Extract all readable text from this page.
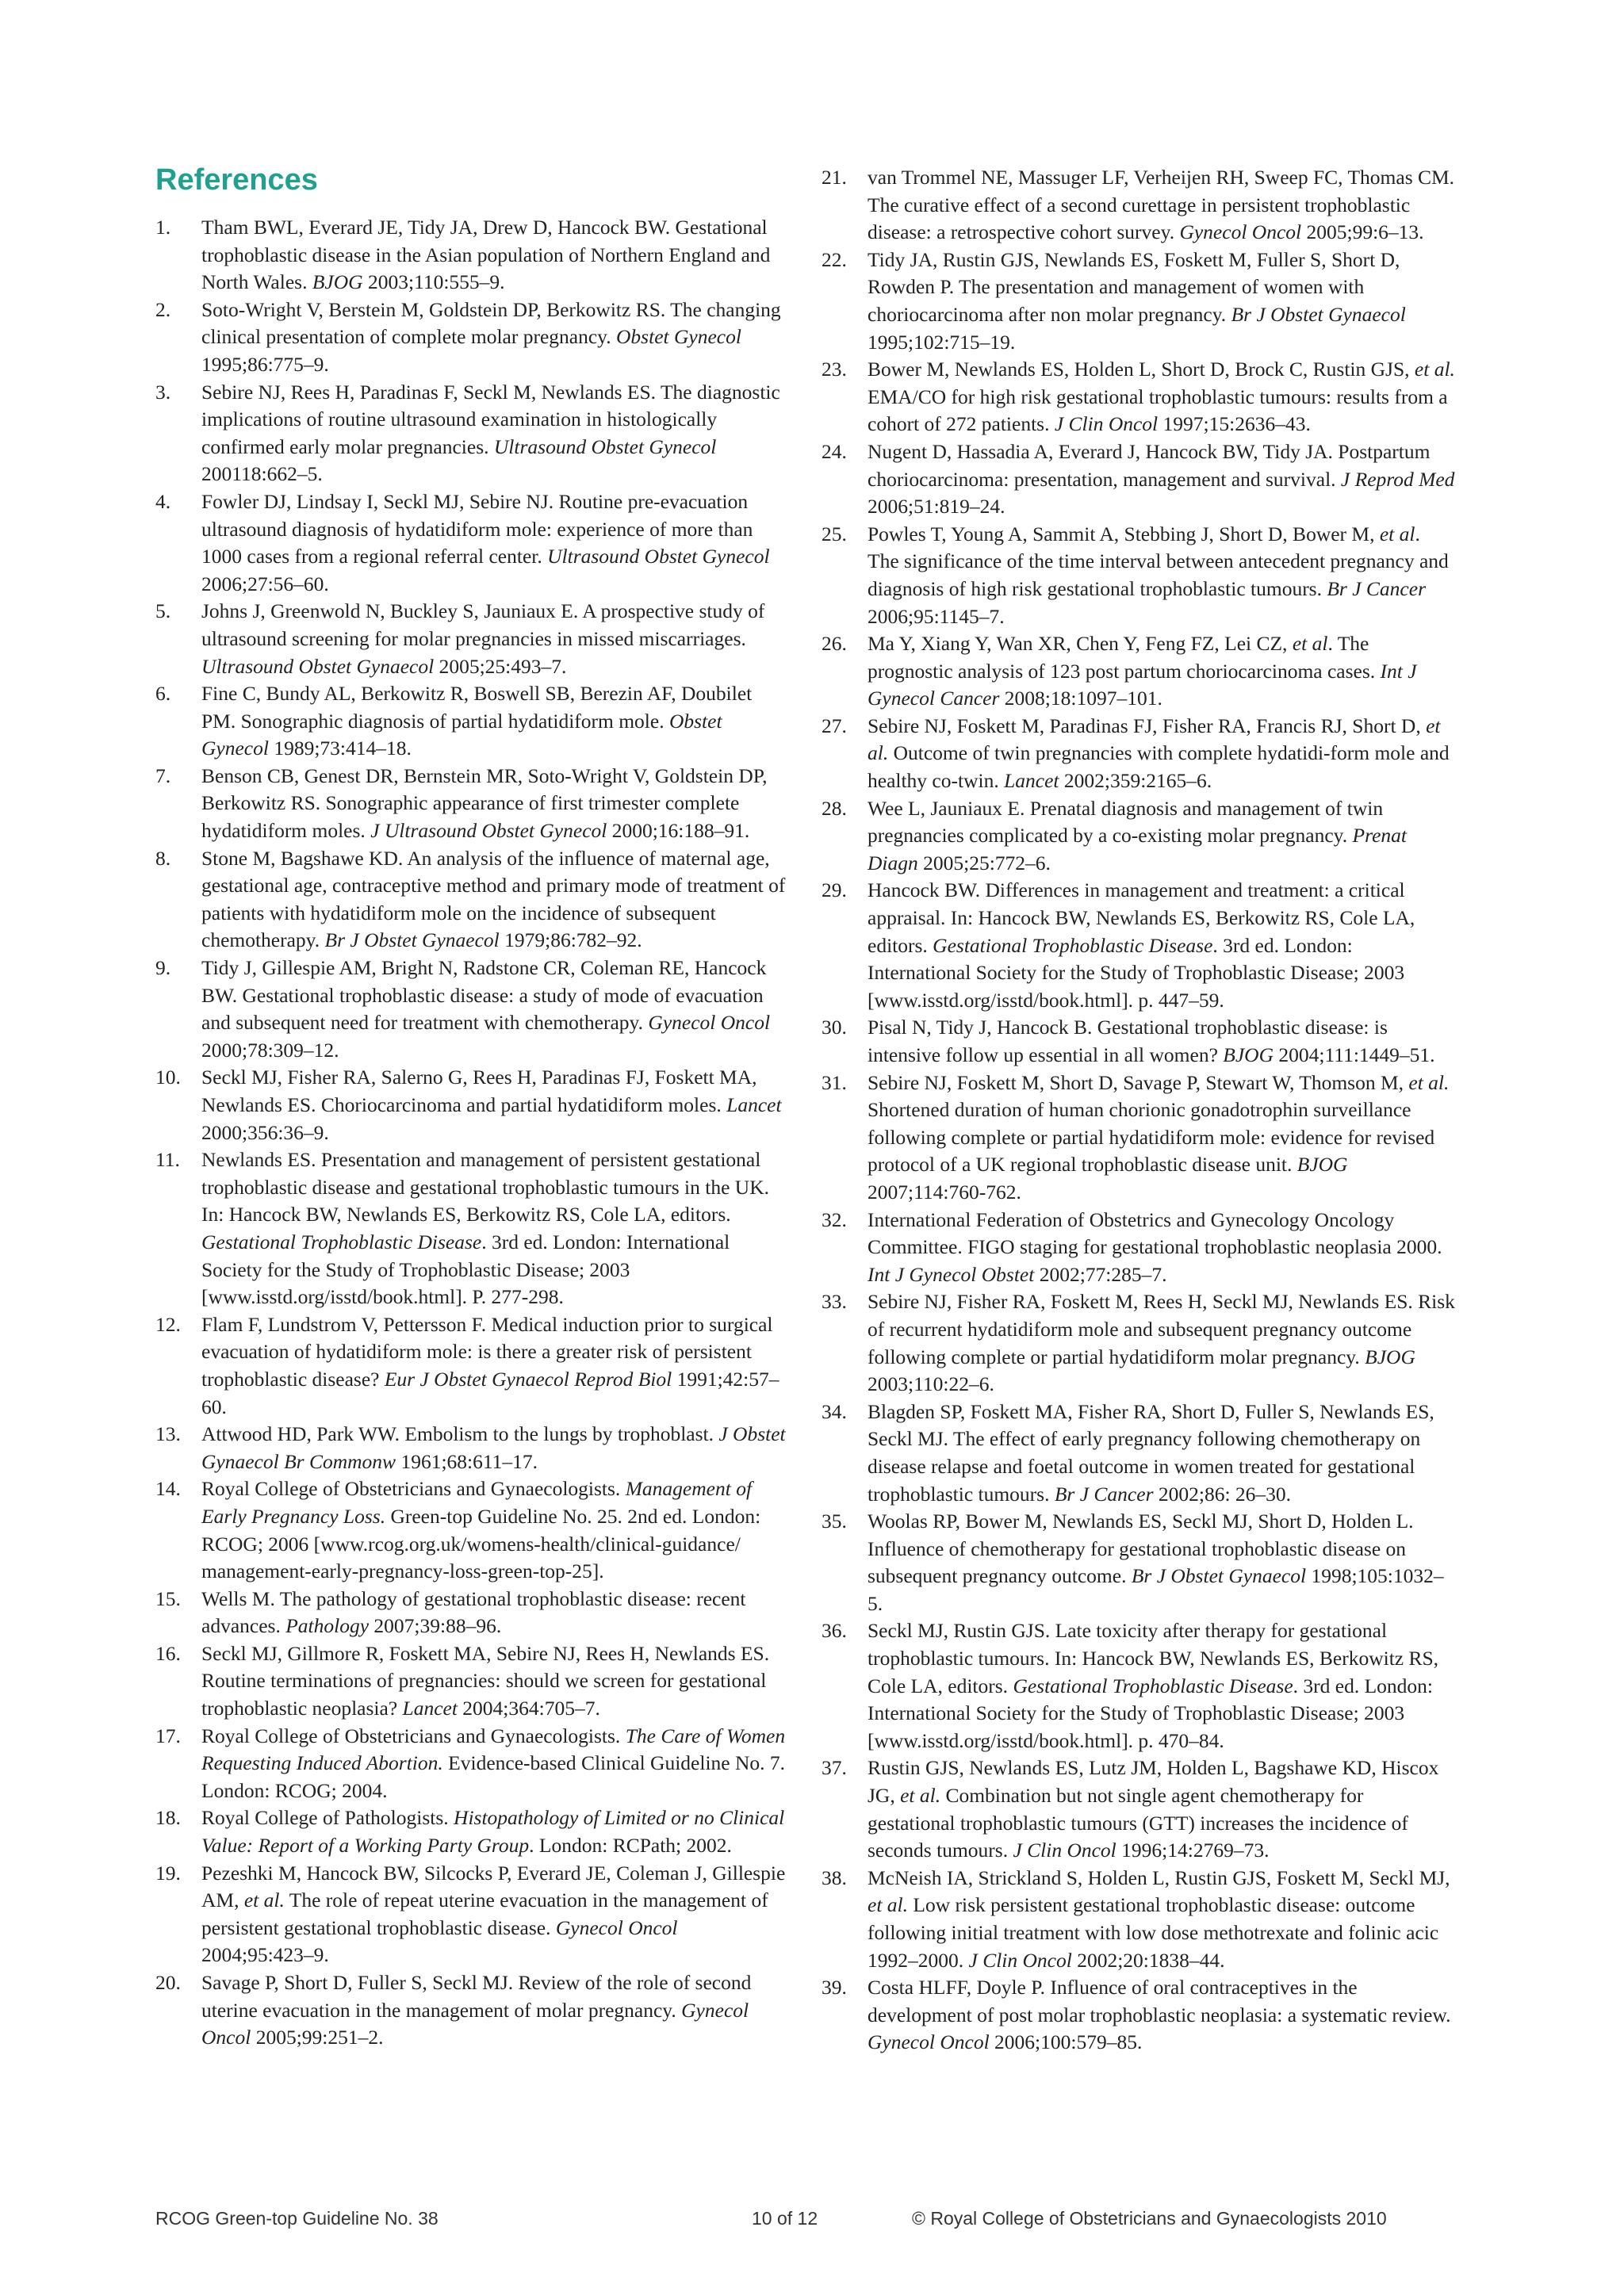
References
1. Tham BWL, Everard JE, Tidy JA, Drew D, Hancock BW. Gestational trophoblastic disease in the Asian population of Northern England and North Wales. BJOG 2003;110:555–9.
2. Soto-Wright V, Berstein M, Goldstein DP, Berkowitz RS. The changing clinical presentation of complete molar pregnancy. Obstet Gynecol 1995;86:775–9.
3. Sebire NJ, Rees H, Paradinas F, Seckl M, Newlands ES. The diagnostic implications of routine ultrasound examination in histologically confirmed early molar pregnancies. Ultrasound Obstet Gynecol 200118:662–5.
4. Fowler DJ, Lindsay I, Seckl MJ, Sebire NJ. Routine pre-evacuation ultrasound diagnosis of hydatidiform mole: experience of more than 1000 cases from a regional referral center. Ultrasound Obstet Gynecol 2006;27:56–60.
5. Johns J, Greenwold N, Buckley S, Jauniaux E. A prospective study of ultrasound screening for molar pregnancies in missed miscarriages. Ultrasound Obstet Gynaecol 2005;25:493–7.
6. Fine C, Bundy AL, Berkowitz R, Boswell SB, Berezin AF, Doubilet PM. Sonographic diagnosis of partial hydatidiform mole. Obstet Gynecol 1989;73:414–18.
7. Benson CB, Genest DR, Bernstein MR, Soto-Wright V, Goldstein DP, Berkowitz RS. Sonographic appearance of first trimester complete hydatidiform moles. J Ultrasound Obstet Gynecol 2000;16:188–91.
8. Stone M, Bagshawe KD. An analysis of the influence of maternal age, gestational age, contraceptive method and primary mode of treatment of patients with hydatidiform mole on the incidence of subsequent chemotherapy. Br J Obstet Gynaecol 1979;86:782–92.
9. Tidy J, Gillespie AM, Bright N, Radstone CR, Coleman RE, Hancock BW. Gestational trophoblastic disease: a study of mode of evacuation and subsequent need for treatment with chemotherapy. Gynecol Oncol 2000;78:309–12.
10. Seckl MJ, Fisher RA, Salerno G, Rees H, Paradinas FJ, Foskett MA, Newlands ES. Choriocarcinoma and partial hydatidiform moles. Lancet 2000;356:36–9.
11. Newlands ES. Presentation and management of persistent gestational trophoblastic disease and gestational trophoblastic tumours in the UK. In: Hancock BW, Newlands ES, Berkowitz RS, Cole LA, editors. Gestational Trophoblastic Disease. 3rd ed. London: International Society for the Study of Trophoblastic Disease; 2003 [www.isstd.org/isstd/book.html]. P. 277-298.
12. Flam F, Lundstrom V, Pettersson F. Medical induction prior to surgical evacuation of hydatidiform mole: is there a greater risk of persistent trophoblastic disease? Eur J Obstet Gynaecol Reprod Biol 1991;42:57–60.
13. Attwood HD, Park WW. Embolism to the lungs by trophoblast. J Obstet Gynaecol Br Commonw 1961;68:611–17.
14. Royal College of Obstetricians and Gynaecologists. Management of Early Pregnancy Loss. Green-top Guideline No. 25. 2nd ed. London: RCOG; 2006 [www.rcog.org.uk/womens-health/clinical-guidance/ management-early-pregnancy-loss-green-top-25].
15. Wells M. The pathology of gestational trophoblastic disease: recent advances. Pathology 2007;39:88–96.
16. Seckl MJ, Gillmore R, Foskett MA, Sebire NJ, Rees H, Newlands ES. Routine terminations of pregnancies: should we screen for gestational trophoblastic neoplasia? Lancet 2004;364:705–7.
17. Royal College of Obstetricians and Gynaecologists. The Care of Women Requesting Induced Abortion. Evidence-based Clinical Guideline No. 7. London: RCOG; 2004.
18. Royal College of Pathologists. Histopathology of Limited or no Clinical Value: Report of a Working Party Group. London: RCPath; 2002.
19. Pezeshki M, Hancock BW, Silcocks P, Everard JE, Coleman J, Gillespie AM, et al. The role of repeat uterine evacuation in the management of persistent gestational trophoblastic disease. Gynecol Oncol 2004;95:423–9.
20. Savage P, Short D, Fuller S, Seckl MJ. Review of the role of second uterine evacuation in the management of molar pregnancy. Gynecol Oncol 2005;99:251–2.
21. van Trommel NE, Massuger LF, Verheijen RH, Sweep FC, Thomas CM. The curative effect of a second curettage in persistent trophoblastic disease: a retrospective cohort survey. Gynecol Oncol 2005;99:6–13.
22. Tidy JA, Rustin GJS, Newlands ES, Foskett M, Fuller S, Short D, Rowden P. The presentation and management of women with choriocarcinoma after non molar pregnancy. Br J Obstet Gynaecol 1995;102:715–19.
23. Bower M, Newlands ES, Holden L, Short D, Brock C, Rustin GJS, et al. EMA/CO for high risk gestational trophoblastic tumours: results from a cohort of 272 patients. J Clin Oncol 1997;15:2636–43.
24. Nugent D, Hassadia A, Everard J, Hancock BW, Tidy JA. Postpartum choriocarcinoma: presentation, management and survival. J Reprod Med 2006;51:819–24.
25. Powles T, Young A, Sammit A, Stebbing J, Short D, Bower M, et al. The significance of the time interval between antecedent pregnancy and diagnosis of high risk gestational trophoblastic tumours. Br J Cancer 2006;95:1145–7.
26. Ma Y, Xiang Y, Wan XR, Chen Y, Feng FZ, Lei CZ, et al. The prognostic analysis of 123 post partum choriocarcinoma cases. Int J Gynecol Cancer 2008;18:1097–101.
27. Sebire NJ, Foskett M, Paradinas FJ, Fisher RA, Francis RJ, Short D, et al. Outcome of twin pregnancies with complete hydatidi-form mole and healthy co-twin. Lancet 2002;359:2165–6.
28. Wee L, Jauniaux E. Prenatal diagnosis and management of twin pregnancies complicated by a co-existing molar pregnancy. Prenat Diagn 2005;25:772–6.
29. Hancock BW. Differences in management and treatment: a critical appraisal. In: Hancock BW, Newlands ES, Berkowitz RS, Cole LA, editors. Gestational Trophoblastic Disease. 3rd ed. London: International Society for the Study of Trophoblastic Disease; 2003 [www.isstd.org/isstd/book.html]. p. 447–59.
30. Pisal N, Tidy J, Hancock B. Gestational trophoblastic disease: is intensive follow up essential in all women? BJOG 2004;111:1449–51.
31. Sebire NJ, Foskett M, Short D, Savage P, Stewart W, Thomson M, et al. Shortened duration of human chorionic gonadotrophin surveillance following complete or partial hydatidiform mole: evidence for revised protocol of a UK regional trophoblastic disease unit. BJOG 2007;114:760-762.
32. International Federation of Obstetrics and Gynecology Oncology Committee. FIGO staging for gestational trophoblastic neoplasia 2000. Int J Gynecol Obstet 2002;77:285–7.
33. Sebire NJ, Fisher RA, Foskett M, Rees H, Seckl MJ, Newlands ES. Risk of recurrent hydatidiform mole and subsequent pregnancy outcome following complete or partial hydatidiform molar pregnancy. BJOG 2003;110:22–6.
34. Blagden SP, Foskett MA, Fisher RA, Short D, Fuller S, Newlands ES, Seckl MJ. The effect of early pregnancy following chemotherapy on disease relapse and foetal outcome in women treated for gestational trophoblastic tumours. Br J Cancer 2002;86: 26–30.
35. Woolas RP, Bower M, Newlands ES, Seckl MJ, Short D, Holden L. Influence of chemotherapy for gestational trophoblastic disease on subsequent pregnancy outcome. Br J Obstet Gynaecol 1998;105:1032–5.
36. Seckl MJ, Rustin GJS. Late toxicity after therapy for gestational trophoblastic tumours. In: Hancock BW, Newlands ES, Berkowitz RS, Cole LA, editors. Gestational Trophoblastic Disease. 3rd ed. London: International Society for the Study of Trophoblastic Disease; 2003 [www.isstd.org/isstd/book.html]. p. 470–84.
37. Rustin GJS, Newlands ES, Lutz JM, Holden L, Bagshawe KD, Hiscox JG, et al. Combination but not single agent chemotherapy for gestational trophoblastic tumours (GTT) increases the incidence of seconds tumours. J Clin Oncol 1996;14:2769–73.
38. McNeish IA, Strickland S, Holden L, Rustin GJS, Foskett M, Seckl MJ, et al. Low risk persistent gestational trophoblastic disease: outcome following initial treatment with low dose methotrexate and folinic acic 1992–2000. J Clin Oncol 2002;20:1838–44.
39. Costa HLFF, Doyle P. Influence of oral contraceptives in the development of post molar trophoblastic neoplasia: a systematic review. Gynecol Oncol 2006;100:579–85.
RCOG Green-top Guideline No. 38	10 of 12	© Royal College of Obstetricians and Gynaecologists 2010
